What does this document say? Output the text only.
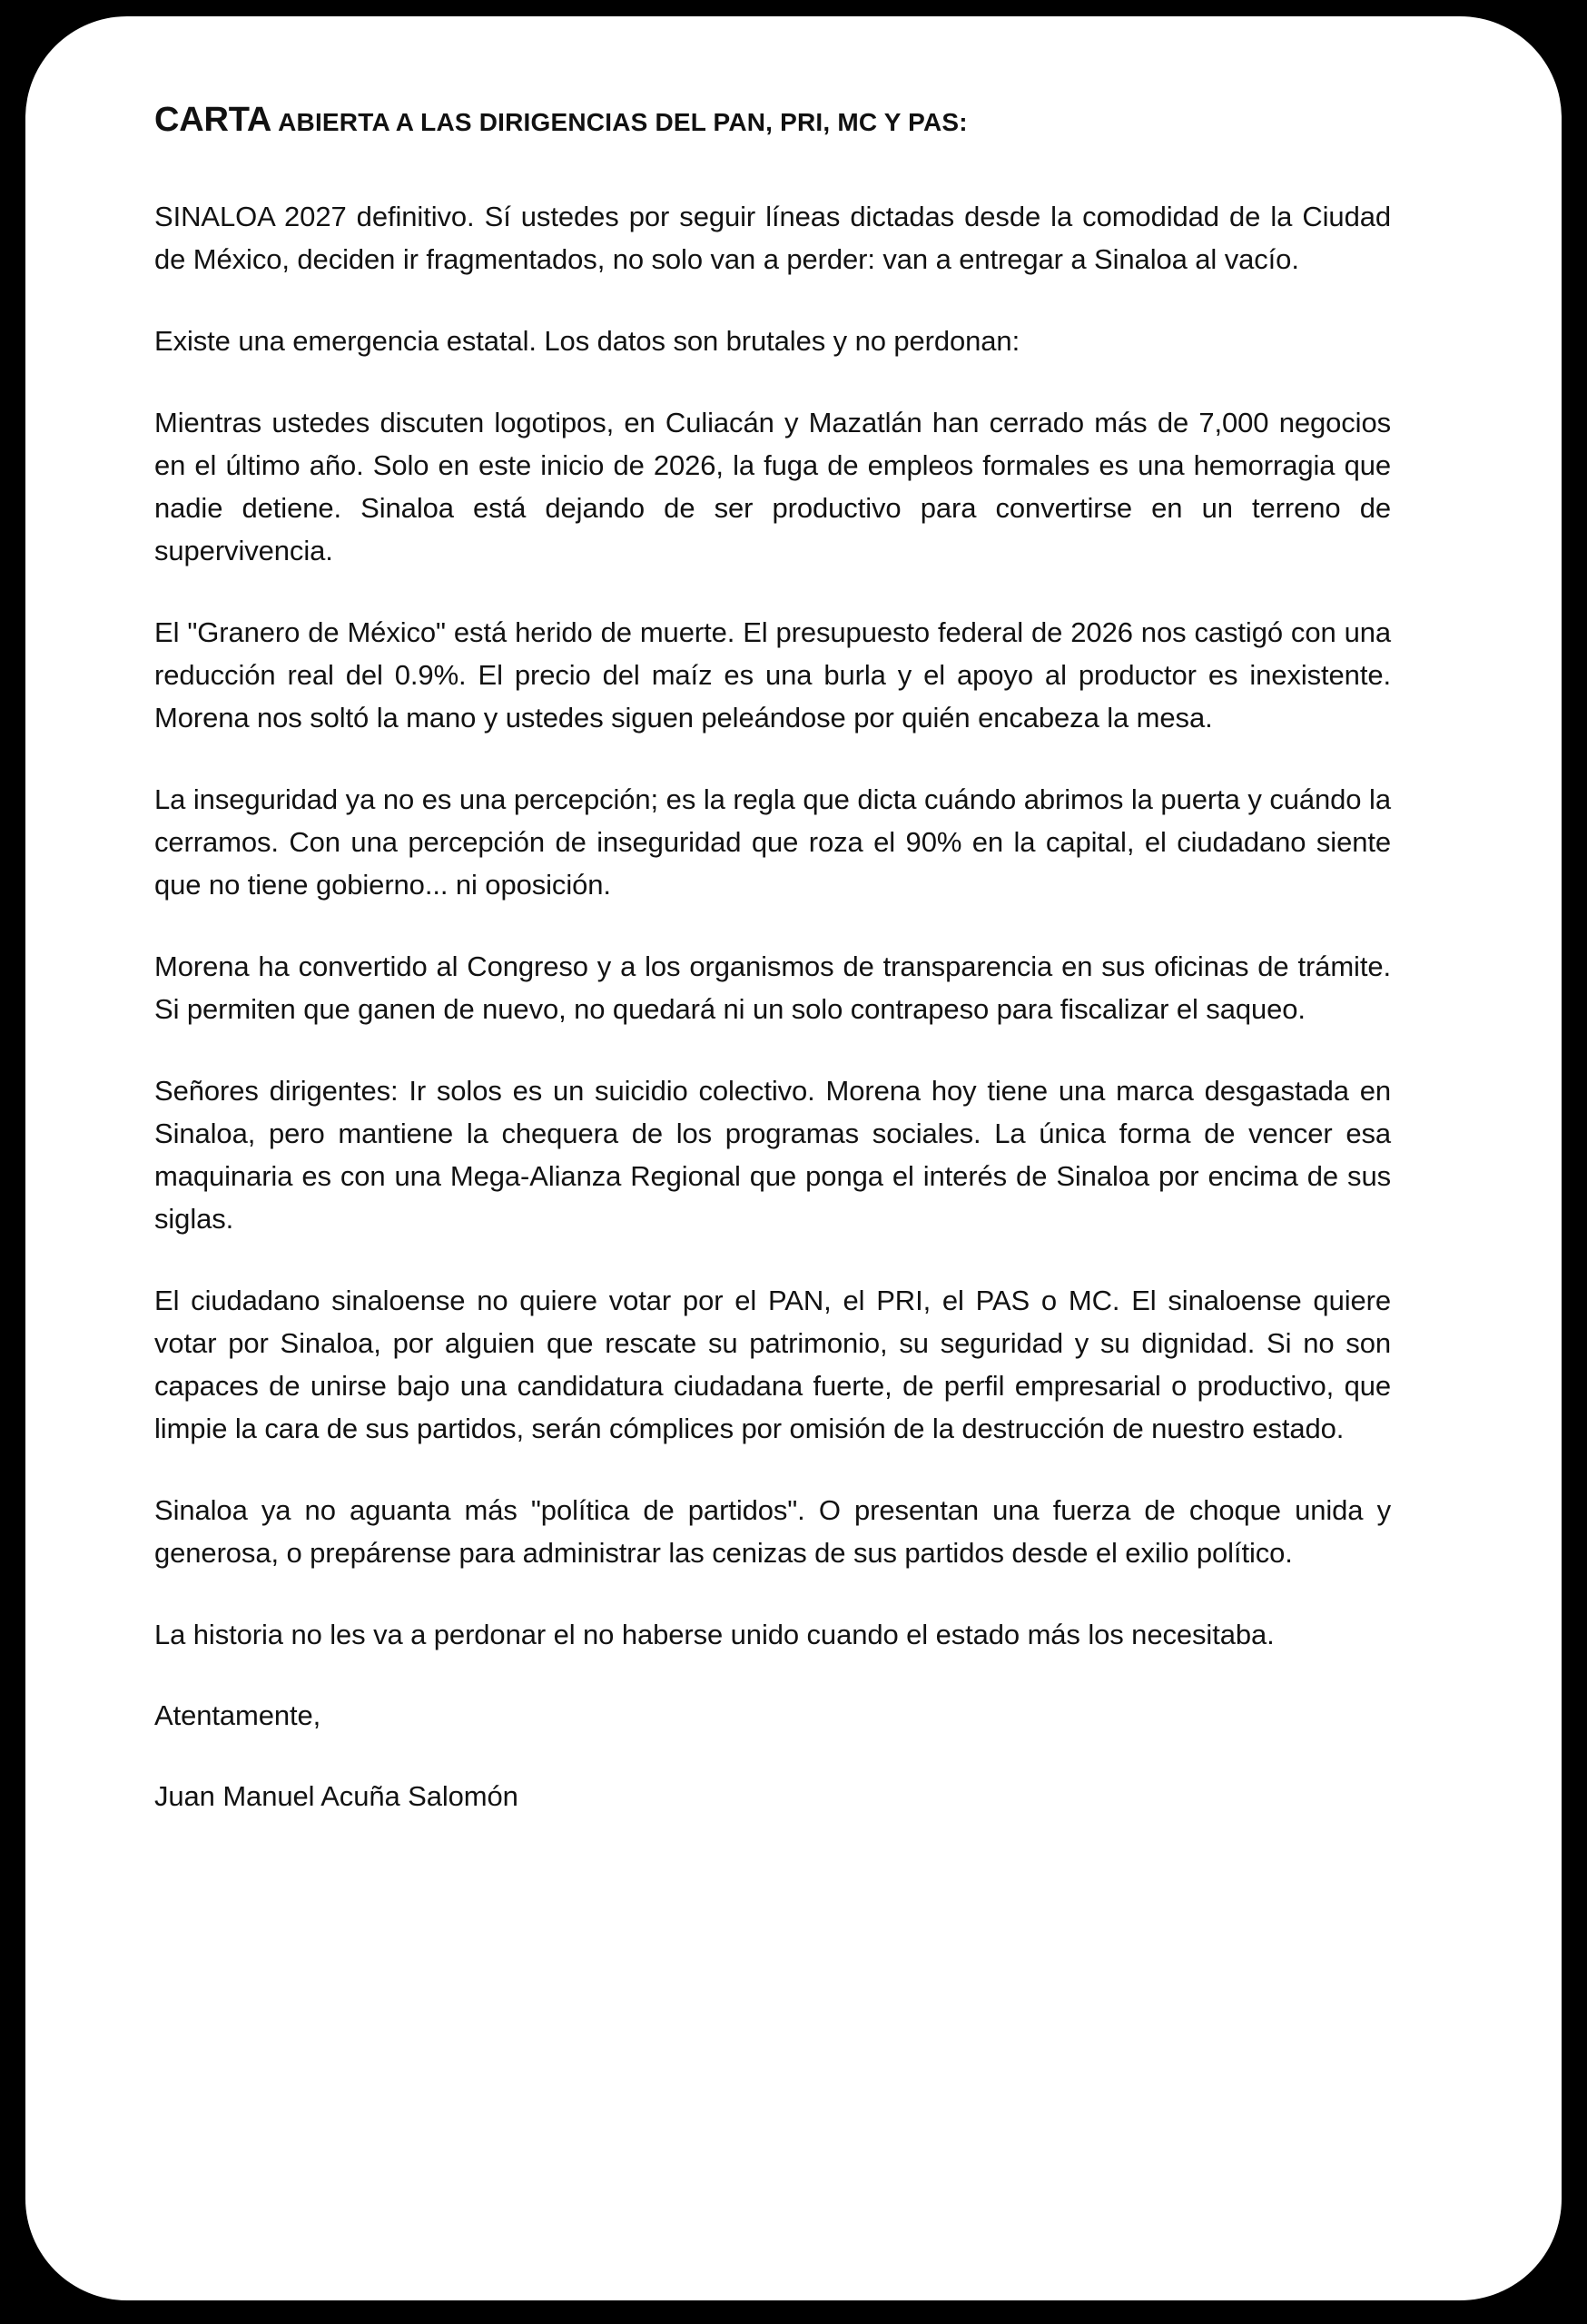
CARTA ABIERTA A LAS DIRIGENCIAS DEL PAN, PRI, MC Y PAS:

SINALOA 2027 definitivo. Sí ustedes por seguir líneas dictadas desde la comodidad de la Ciudad de México, deciden ir fragmentados, no solo van a perder: van a entregar a Sinaloa al vacío.

Existe una emergencia estatal. Los datos son brutales y no perdonan:

Mientras ustedes discuten logotipos, en Culiacán y Mazatlán han cerrado más de 7,000 negocios en el último año. Solo en este inicio de 2026, la fuga de empleos formales es una hemorragia que nadie detiene. Sinaloa está dejando de ser productivo para convertirse en un terreno de supervivencia.

El "Granero de México" está herido de muerte. El presupuesto federal de 2026 nos castigó con una reducción real del 0.9%. El precio del maíz es una burla y el apoyo al productor es inexistente. Morena nos soltó la mano y ustedes siguen peleándose por quién encabeza la mesa.

La inseguridad ya no es una percepción; es la regla que dicta cuándo abrimos la puerta y cuándo la cerramos. Con una percepción de inseguridad que roza el 90% en la capital, el ciudadano siente que no tiene gobierno... ni oposición.

Morena ha convertido al Congreso y a los organismos de transparencia en sus oficinas de trámite. Si permiten que ganen de nuevo, no quedará ni un solo contrapeso para fiscalizar el saqueo.

Señores dirigentes: Ir solos es un suicidio colectivo. Morena hoy tiene una marca desgastada en Sinaloa, pero mantiene la chequera de los programas sociales. La única forma de vencer esa maquinaria es con una Mega-Alianza Regional que ponga el interés de Sinaloa por encima de sus siglas.

El ciudadano sinaloense no quiere votar por el PAN, el PRI, el PAS o MC. El sinaloense quiere votar por Sinaloa, por alguien que rescate su patrimonio, su seguridad y su dignidad. Si no son capaces de unirse bajo una candidatura ciudadana fuerte, de perfil empresarial o productivo, que limpie la cara de sus partidos, serán cómplices por omisión de la destrucción de nuestro estado.

Sinaloa ya no aguanta más "política de partidos". O presentan una fuerza de choque unida y generosa, o prepárense para administrar las cenizas de sus partidos desde el exilio político.

La historia no les va a perdonar el no haberse unido cuando el estado más los necesitaba.

Atentamente,

Juan Manuel Acuña Salomón
